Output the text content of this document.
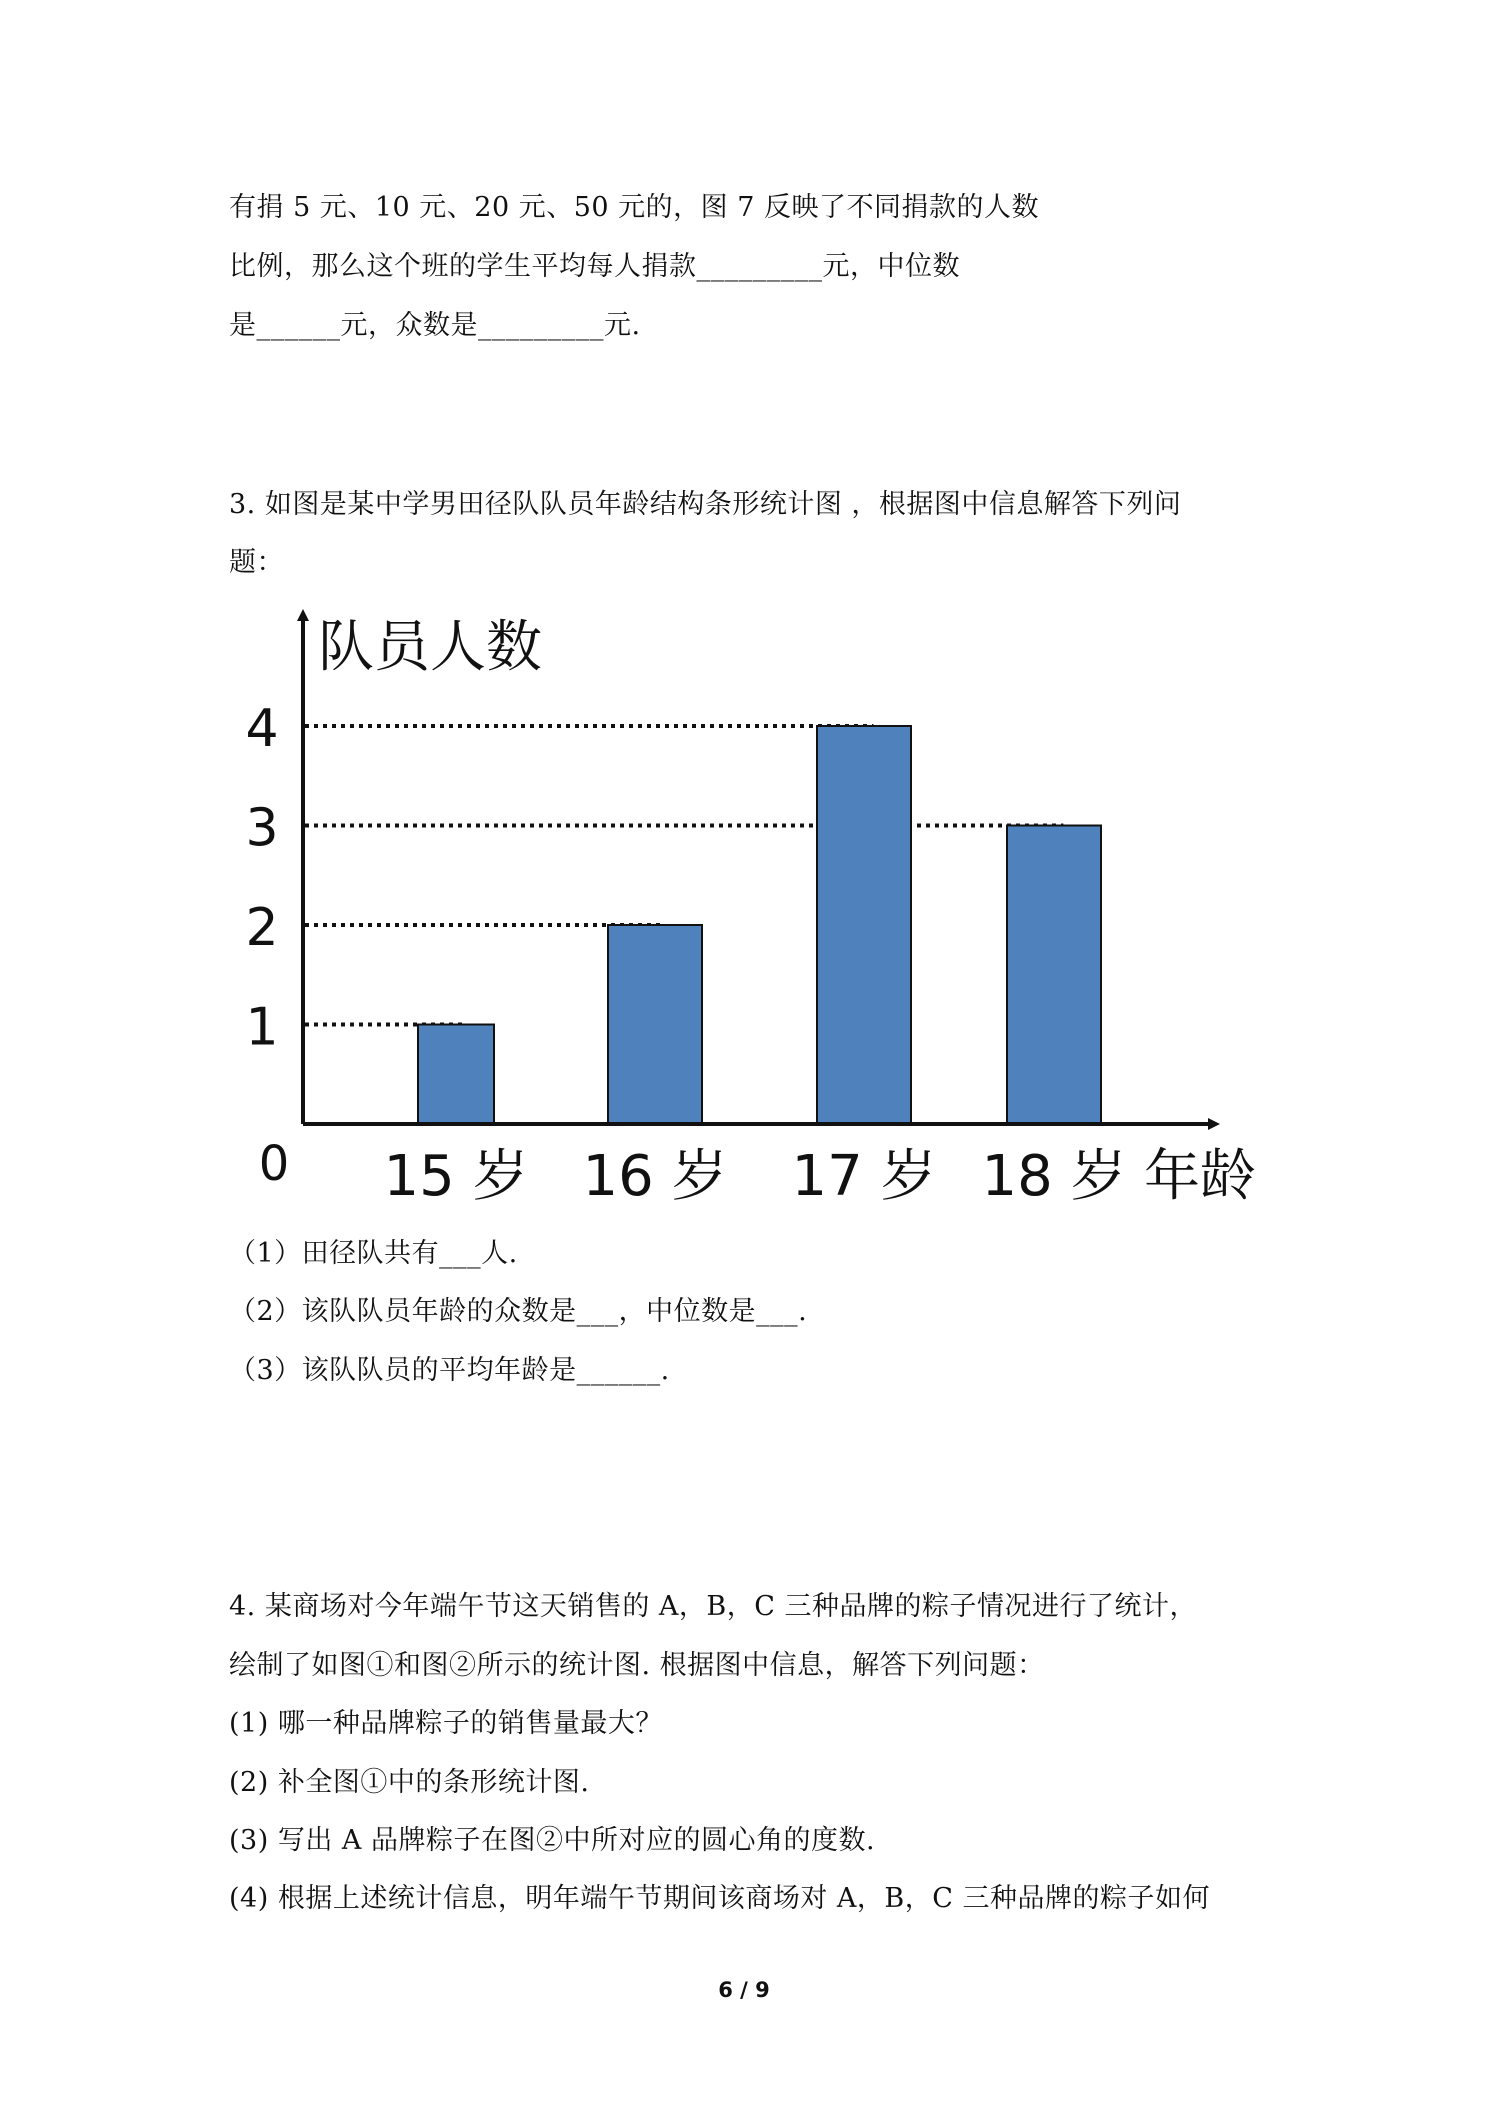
有捐 5 元、10 元、20 元、50 元的，图 7 反映了不同捐款的人数
比例，那么这个班的学生平均每人捐款_________元，中位数
是______元，众数是_________元.
3. 如图是某中学男田径队队员年龄结构条形统计图 ，根据图中信息解答下列问
题：
队员人数
年龄
0
1
2
3
4
15 岁 16 岁 17 岁 18 岁
（1）田径队共有___人.
（2）该队队员年龄的众数是___，中位数是___.
（3）该队队员的平均年龄是______.
4. 某商场对今年端午节这天销售的 A，B，C 三种品牌的粽子情况进行了统计，
绘制了如图①和图②所示的统计图. 根据图中信息，解答下列问题：
(1) 哪一种品牌粽子的销售量最大？
(2) 补全图①中的条形统计图.
(3) 写出 A 品牌粽子在图②中所对应的圆心角的度数.
(4) 根据上述统计信息，明年端午节期间该商场对 A，B，C 三种品牌的粽子如何
6 / 9
